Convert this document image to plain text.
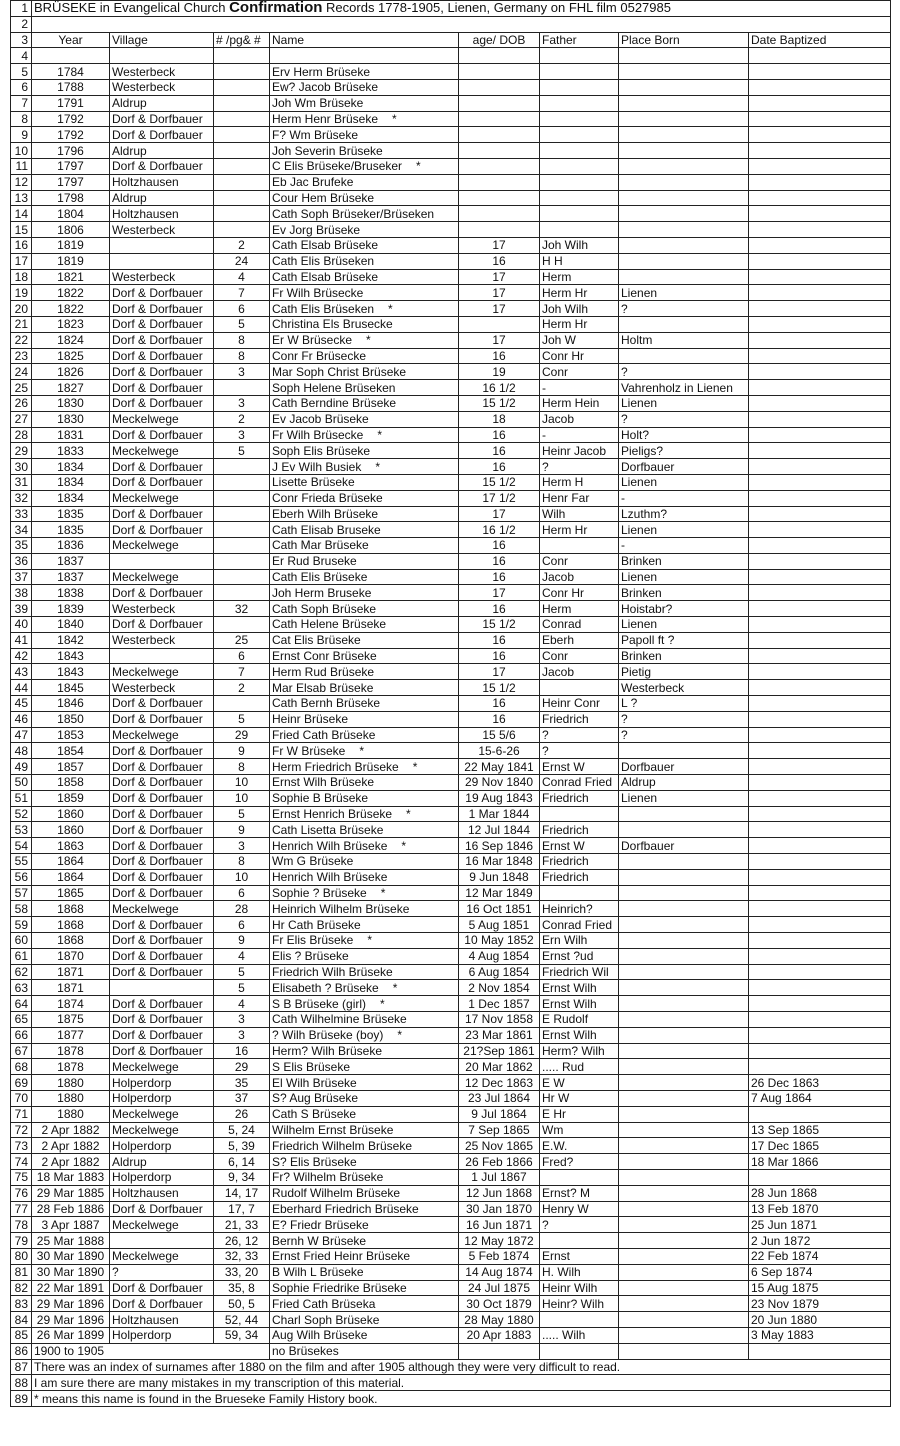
1	BRÜSEKE in Evangelical Church Confirmation Records 1778-1905, Lienen, Germany on FHL film 0527985							
2								
3	Year	Village	# /pg& #	Name	age/ DOB	Father	Place Born	Date Baptized
4								
5	1784	Westerbeck		Erv Herm Brüseke				
6	1788	Westerbeck		Ew? Jacob Brüseke				
7	1791	Aldrup		Joh Wm Brüseke				
8	1792	Dorf & Dorfbauer		Herm Henr Brüseke *				
9	1792	Dorf & Dorfbauer		F? Wm Brüseke				
10	1796	Aldrup		Joh Severin Brüseke				
11	1797	Dorf & Dorfbauer		C Elis Brüseke/Bruseker *				
12	1797	Holtzhausen		Eb Jac Brufeke				
13	1798	Aldrup		Cour Hem Brüseke				
14	1804	Holtzhausen		Cath Soph Brüseker/Brüseken				
15	1806	Westerbeck		Ev Jorg Brüseke				
16	1819		2	Cath Elsab Brüseke	17	Joh Wilh		
17	1819		24	Cath Elis Brüseken	16	H H		
18	1821	Westerbeck	4	Cath Elsab Brüseke	17	Herm		
19	1822	Dorf & Dorfbauer	7	Fr Wilh Brüsecke	17	Herm Hr	Lienen	
20	1822	Dorf & Dorfbauer	6	Cath Elis Brüseken *	17	Joh Wilh	?	
21	1823	Dorf & Dorfbauer	5	Christina Els Brusecke		Herm Hr		
22	1824	Dorf & Dorfbauer	8	Er W Brüsecke *	17	Joh W	Holtm	
23	1825	Dorf & Dorfbauer	8	Conr Fr Brüsecke	16	Conr Hr		
24	1826	Dorf & Dorfbauer	3	Mar Soph Christ Brüseke	19	Conr	?	
25	1827	Dorf & Dorfbauer		Soph Helene Brüseken	16 1/2	-	Vahrenholz in Lienen	
26	1830	Dorf & Dorfbauer	3	Cath Berndine Brüseke	15 1/2	Herm Hein	Lienen	
27	1830	Meckelwege	2	Ev Jacob Brüseke	18	Jacob	?	
28	1831	Dorf & Dorfbauer	3	Fr Wilh Brüsecke *	16	-	Holt?	
29	1833	Meckelwege	5	Soph Elis Brüseke	16	Heinr Jacob	Pieligs?	
30	1834	Dorf & Dorfbauer		J Ev Wilh Busiek *	16	?	Dorfbauer	
31	1834	Dorf & Dorfbauer		Lisette Brüseke	15 1/2	Herm H	Lienen	
32	1834	Meckelwege		Conr Frieda Brüseke	17 1/2	Henr Far	-	
33	1835	Dorf & Dorfbauer		Eberh Wilh Brüseke	17	Wilh	Lzuthm?	
34	1835	Dorf & Dorfbauer		Cath Elisab Bruseke	16 1/2	Herm Hr	Lienen	
35	1836	Meckelwege		Cath Mar Brüseke	16		-	
36	1837			Er Rud Bruseke	16	Conr	Brinken	
37	1837	Meckelwege		Cath Elis Brüseke	16	Jacob	Lienen	
38	1838	Dorf & Dorfbauer		Joh Herm Bruseke	17	Conr Hr	Brinken	
39	1839	Westerbeck	32	Cath Soph Brüseke	16	Herm	Hoistabr?	
40	1840	Dorf & Dorfbauer		Cath Helene Brüseke	15 1/2	Conrad	Lienen	
41	1842	Westerbeck	25	Cat Elis Brüseke	16	Eberh	Papoll ft ?	
42	1843		6	Ernst Conr Brüseke	16	Conr	Brinken	
43	1843	Meckelwege	7	Herm Rud Brüseke	17	Jacob	Pietig	
44	1845	Westerbeck	2	Mar Elsab Brüseke	15 1/2		Westerbeck	
45	1846	Dorf & Dorfbauer		Cath Bernh Brüseke	16	Heinr Conr	L ?	
46	1850	Dorf & Dorfbauer	5	Heinr Brüseke	16	Friedrich	?	
47	1853	Meckelwege	29	Fried Cath Brüseke	15 5/6	?	?	
48	1854	Dorf & Dorfbauer	9	Fr W Brüseke *	15-6-26	?		
49	1857	Dorf & Dorfbauer	8	Herm Friedrich Brüseke *	22 May 1841	Ernst W	Dorfbauer	
50	1858	Dorf & Dorfbauer	10	Ernst Wilh Brüseke	29 Nov 1840	Conrad Fried	Aldrup	
51	1859	Dorf & Dorfbauer	10	Sophie B Brüseke	19 Aug 1843	Friedrich	Lienen	
52	1860	Dorf & Dorfbauer	5	Ernst Henrich Brüseke *	1 Mar 1844			
53	1860	Dorf & Dorfbauer	9	Cath Lisetta Brüseke	12 Jul 1844	Friedrich		
54	1863	Dorf & Dorfbauer	3	Henrich Wilh Brüseke *	16 Sep 1846	Ernst W	Dorfbauer	
55	1864	Dorf & Dorfbauer	8	Wm G Brüseke	16 Mar 1848	Friedrich		
56	1864	Dorf & Dorfbauer	10	Henrich Wilh Brüseke	9 Jun 1848	Friedrich		
57	1865	Dorf & Dorfbauer	6	Sophie ? Brüseke *	12 Mar 1849			
58	1868	Meckelwege	28	Heinrich Wilhelm Brüseke	16 Oct 1851	Heinrich?		
59	1868	Dorf & Dorfbauer	6	Hr Cath Brüseke	5 Aug 1851	Conrad Fried		
60	1868	Dorf & Dorfbauer	9	Fr Elis Brüseke *	10 May 1852	Ern Wilh		
61	1870	Dorf & Dorfbauer	4	Elis ? Brüseke	4 Aug 1854	Ernst ?ud		
62	1871	Dorf & Dorfbauer	5	Friedrich Wilh Brüseke	6 Aug 1854	Friedrich Wil		
63	1871		5	Elisabeth ? Brüseke *	2 Nov 1854	Ernst Wilh		
64	1874	Dorf & Dorfbauer	4	S B Brüseke (girl) *	1 Dec 1857	Ernst Wilh		
65	1875	Dorf & Dorfbauer	3	Cath Wilhelmine Brüseke	17 Nov 1858	E Rudolf		
66	1877	Dorf & Dorfbauer	3	? Wilh Brüseke (boy) *	23 Mar 1861	Ernst Wilh		
67	1878	Dorf & Dorfbauer	16	Herm? Wilh Brüseke	21?Sep 1861	Herm? Wilh		
68	1878	Meckelwege	29	S Elis Brüseke	20 Mar 1862	..... Rud		
69	1880	Holperdorp	35	El Wilh Brüseke	12 Dec 1863	E W		26 Dec 1863
70	1880	Holperdorp	37	S? Aug Brüseke	23 Jul 1864	Hr W		7 Aug 1864
71	1880	Meckelwege	26	Cath S Brüseke	9 Jul 1864	E Hr		
72	2 Apr 1882	Meckelwege	5, 24	Wilhelm Ernst Brüseke	7 Sep 1865	Wm		13 Sep 1865
73	2 Apr 1882	Holperdorp	5, 39	Friedrich Wilhelm Brüseke	25 Nov 1865	E.W.		17 Dec 1865
74	2 Apr 1882	Aldrup	6, 14	S? Elis Brüseke	26 Feb 1866	Fred?		18 Mar 1866
75	18 Mar 1883	Holperdorp	9, 34	Fr? Wilhelm Brüseke	1 Jul 1867			
76	29 Mar 1885	Holtzhausen	14, 17	Rudolf Wilhelm Brüseke	12 Jun 1868	Ernst? M		28 Jun 1868
77	28 Feb 1886	Dorf & Dorfbauer	17, 7	Eberhard Friedrich Brüseke	30 Jan 1870	Henry W		13 Feb 1870
78	3 Apr 1887	Meckelwege	21, 33	E? Friedr Brüseke	16 Jun 1871	?		25 Jun 1871
79	25 Mar 1888		26, 12	Bernh W Brüseke	12 May 1872			2 Jun 1872
80	30 Mar 1890	Meckelwege	32, 33	Ernst Fried Heinr Brüseke	5 Feb 1874	Ernst		22 Feb 1874
81	30 Mar 1890	?	33, 20	B Wilh L Brüseke	14 Aug 1874	H. Wilh		6 Sep 1874
82	22 Mar 1891	Dorf & Dorfbauer	35, 8	Sophie Friedrike Brüseke	24 Jul 1875	Heinr Wilh		15 Aug 1875
83	29 Mar 1896	Dorf & Dorfbauer	50, 5	Fried Cath Brüseka	30 Oct 1879	Heinr? Wilh		23 Nov 1879
84	29 Mar 1896	Holtzhausen	52, 44	Charl Soph Brüseke	28 May 1880			20 Jun 1880
85	26 Mar 1899	Holperdorp	59, 34	Aug Wilh Brüseke	20 Apr 1883	..... Wilh		3 May 1883
86	1900 to 1905			no Brüsekes				
87	There was an index of surnames after 1880 on the film and after 1905 although they were very difficult to read.							
88	I am sure there are many mistakes in my transcription of this material.							
89	* means this name is found in the Brueseke Family History book.							
